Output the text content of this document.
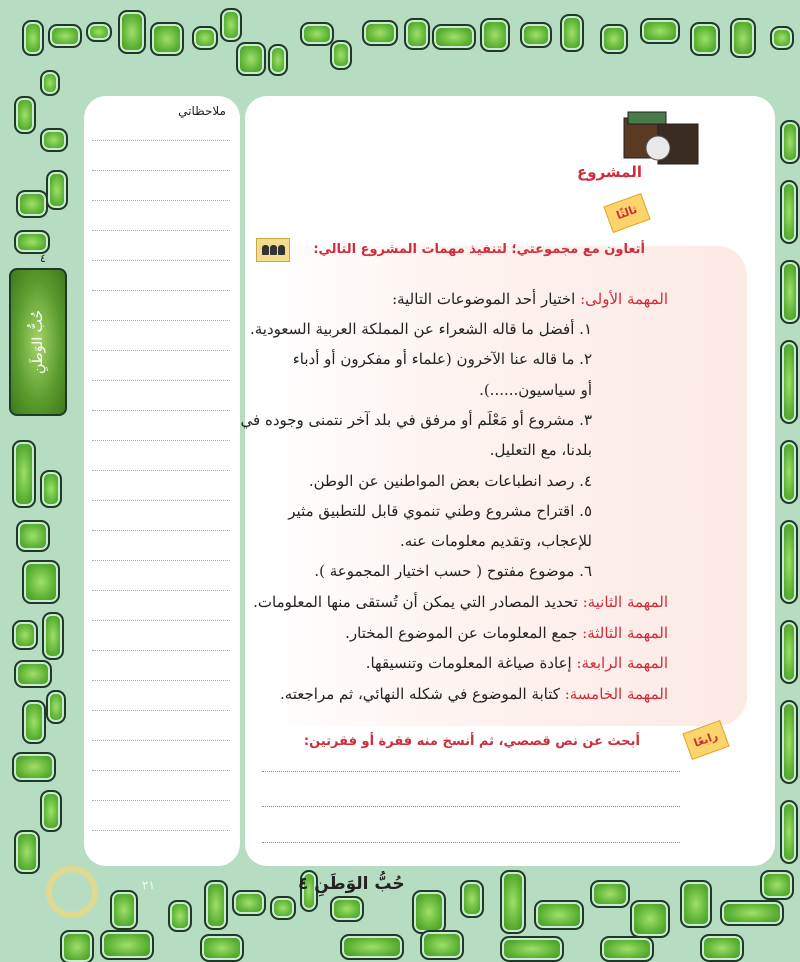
٤
حُبُّ الوَطَنِ
ملاحظاتي
المشروع
ثالثًا
أتعاون مع مجموعتي؛ لتنفيذ مهمات المشروع التالي:
المهمة الأولى: اختيار أحد الموضوعات التالية:
١. أفضل ما قاله الشعراء عن المملكة العربية السعودية.
٢. ما قاله عنا الآخرون (علماء أو مفكرون أو أدباء
أو سياسيون......).
٣. مشروع أو مَعْلَم أو مرفق في بلد آخر نتمنى وجوده في
بلدنا، مع التعليل.
٤. رصد انطباعات بعض المواطنين عن الوطن.
٥. اقتراح مشروع وطني تنموي قابل للتطبيق مثير
للإعجاب، وتقديم معلومات عنه.
٦. موضوع مفتوح ( حسب اختيار المجموعة ).
المهمة الثانية: تحديد المصادر التي يمكن أن تُستقى منها المعلومات.
المهمة الثالثة: جمع المعلومات عن الموضوع المختار.
المهمة الرابعة: إعادة صياغة المعلومات وتنسيقها.
المهمة الخامسة: كتابة الموضوع في شكله النهائي، ثم مراجعته.
رابعًا
أبحث عن نص قصصي، ثم أنسخ منه فقرة أو فقرتين:
٢١	حُبُّ الوَطَنِ ٤
